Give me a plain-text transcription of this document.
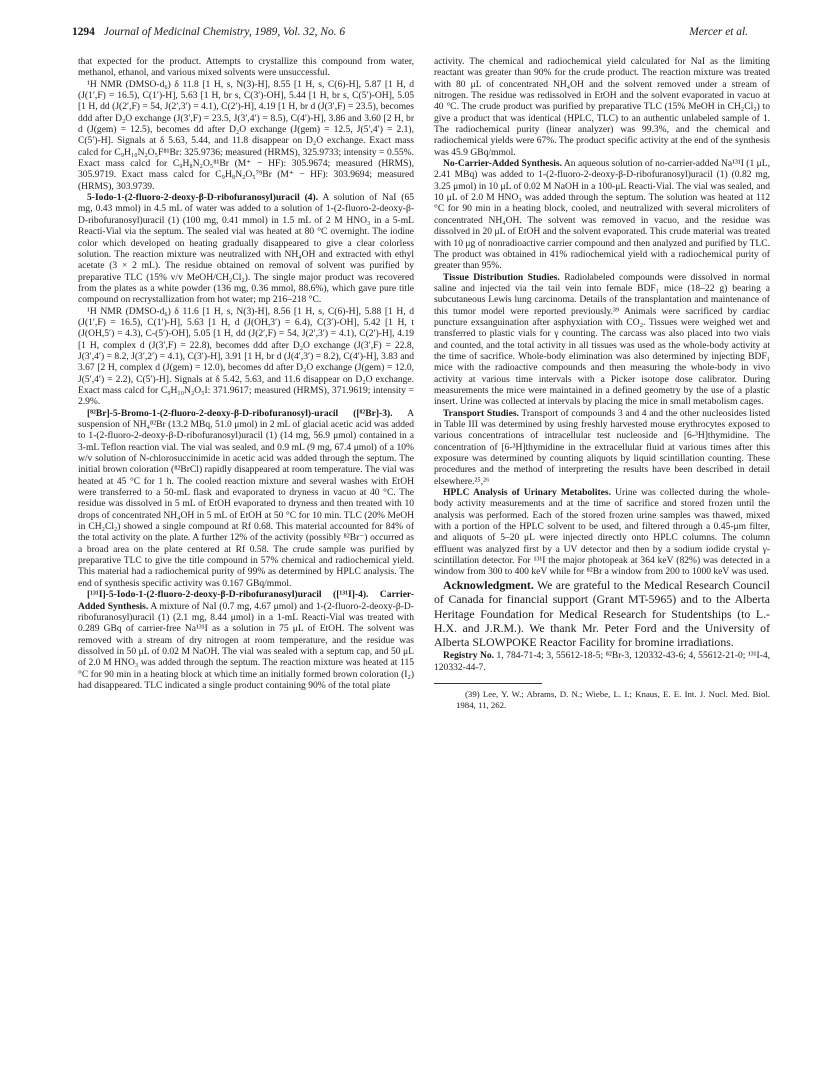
1294 Journal of Medicinal Chemistry, 1989, Vol. 32, No. 6	Mercer et al.

that expected for the product. Attempts to crystallize this compound from water, methanol, ethanol, and various mixed solvents were unsuccessful.

¹H NMR (DMSO-d₆) δ 11.8 [1 H, s, N(3)-H], 8.55 [1 H, s, C(6)-H], 5.87 [1 H, d (J(1′,F) = 16.5), C(1′)-H], 5.63 [1 H, br s, C(3′)-OH], 5.44 [1 H, br s, C(5′)-OH], 5.05 [1 H, dd (J(2′,F) = 54, J(2′,3′) = 4.1), C(2′)-H], 4.19 [1 H, br d (J(3′,F) = 23.5), becomes ddd after D₂O exchange (J(3′,F) = 23.5, J(3′,4′) = 8.5), C(4′)-H], 3.86 and 3.60 [2 H, br d (J(gem) = 12.5), becomes dd after D₂O exchange (J(gem) = 12.5, J(5′,4′) = 2.1), C(5′)-H]. Signals at δ 5.63, 5.44, and 11.8 disappear on D₂O exchange. Exact mass calcd for C₉H₁₀N₂O₅F⁸¹Br: 325.9736; measured (HRMS), 325.9733; intensity = 0.55%. Exact mass calcd for C₉H₈N₂O₅⁸¹Br (M⁺ − HF): 305.9674; measured (HRMS), 305.9719. Exact mass calcd for C₉H₈N₂O₅⁷⁹Br (M⁺ − HF): 303.9694; measured (HRMS), 303.9739.

5-Iodo-1-(2-fluoro-2-deoxy-β-D-ribofuranosyl)uracil (4). A solution of NaI (65 mg, 0.43 mmol) in 4.5 mL of water was added to a solution of 1-(2-fluoro-2-deoxy-β-D-ribofuranosyl)uracil (1) (100 mg, 0.41 mmol) in 1.5 mL of 2 M HNO₃ in a 5-mL Reacti-Vial via the septum. The sealed vial was heated at 80 °C overnight. The iodine color which developed on heating gradually disappeared to give a clear colorless solution. The reaction mixture was neutralized with NH₄OH and extracted with ethyl acetate (3 × 2 mL). The residue obtained on removal of solvent was purified by preparative TLC (15% v/v MeOH/CH₂Cl₂). The single major product was recovered from the plates as a white powder (136 mg, 0.36 mmol, 88.6%), which gave pure title compound on recrystallization from hot water; mp 216–218 °C.

¹H NMR (DMSO-d₆) δ 11.6 [1 H, s, N(3)-H], 8.56 [1 H, s, C(6)-H], 5.88 [1 H, d (J(1′,F) = 16.5), C(1′)-H], 5.63 [1 H, d (J(OH,3′) = 6.4), C(3′)-OH], 5.42 [1 H, t (J(OH,5′) = 4.3), C-(5′)-OH], 5.05 [1 H, dd (J(2′,F) = 54, J(2′,3′) = 4.1), C(2′)-H], 4.19 [1 H, complex d (J(3′,F) = 22.8), becomes ddd after D₂O exchange (J(3′,F) = 22.8, J(3′,4′) = 8.2, J(3′,2′) = 4.1), C(3′)-H], 3.91 [1 H, br d (J(4′,3′) = 8.2), C(4′)-H], 3.83 and 3.67 [2 H, complex d (J(gem) = 12.0), becomes dd after D₂O exchange (J(gem) = 12.0, J(5′,4′) = 2.2), C(5′)-H]. Signals at δ 5.42, 5.63, and 11.6 disappear on D₂O exchange. Exact mass calcd for C₉H₁₀N₂O₅I: 371.9617; measured (HRMS), 371.9619; intensity = 2.9%.

[⁸²Br]-5-Bromo-1-(2-fluoro-2-deoxy-β-D-ribofuranosyl)-uracil ([⁸²Br]-3). A suspension of NH₄⁸²Br (13.2 MBq, 51.0 μmol) in 2 mL of glacial acetic acid was added to 1-(2-fluoro-2-deoxy-β-D-ribofuranosyl)uracil (1) (14 mg, 56.9 μmol) contained in a 3-mL Teflon reaction vial. The vial was sealed, and 0.9 mL (9 mg, 67.4 μmol) of a 10% w/v solution of N-chlorosuccinimide in acetic acid was added through the septum. The initial brown coloration (⁸²BrCl) rapidly disappeared at room temperature. The vial was heated at 45 °C for 1 h. The cooled reaction mixture and several washes with EtOH were transferred to a 50-mL flask and evaporated to dryness in vacuo at 40 °C. The residue was dissolved in 5 mL of EtOH evaporated to dryness and then treated with 10 drops of concentrated NH₄OH in 5 mL of EtOH at 50 °C for 10 min. TLC (20% MeOH in CH₂Cl₂) showed a single compound at Rf 0.68. This material accounted for 84% of the total activity on the plate. A further 12% of the activity (possibly ⁸²Br⁻) occurred as a broad area on the plate centered at Rf 0.58. The crude sample was purified by preparative TLC to give the title compound in 57% chemical and radiochemical yield. This material had a radiochemical purity of 99% as determined by HPLC analysis. The end of synthesis specific activity was 0.167 GBq/mmol.

[¹³¹I]-5-Iodo-1-(2-fluoro-2-deoxy-β-D-ribofuranosyl)uracil ([¹³¹I]-4). Carrier-Added Synthesis. A mixture of NaI (0.7 mg, 4.67 μmol) and 1-(2-fluoro-2-deoxy-β-D-ribofuranosyl)uracil (1) (2.1 mg, 8.44 μmol) in a 1-mL Reacti-Vial was treated with 0.289 GBq of carrier-free Na¹³¹I as a solution in 75 μL of EtOH. The solvent was removed with a stream of dry nitrogen at room temperature, and the residue was dissolved in 50 μL of 0.02 M NaOH. The vial was sealed with a septum cap, and 50 μL of 2.0 M HNO₃ was added through the septum. The reaction mixture was heated at 115 °C for 90 min in a heating block at which time an initially formed brown coloration (I₂) had disappeared. TLC indicated a single product containing 90% of the total plate

activity. The chemical and radiochemical yield calculated for NaI as the limiting reactant was greater than 90% for the crude product. The reaction mixture was treated with 80 μL of concentrated NH₄OH and the solvent removed under a stream of nitrogen. The residue was redissolved in EtOH and the solvent evaporated in vacuo at 40 °C. The crude product was purified by preparative TLC (15% MeOH in CH₂Cl₂) to give a product that was identical (HPLC, TLC) to an authentic unlabeled sample of 1. The radiochemical purity (linear analyzer) was 99.3%, and the chemical and radiochemical yields were 67%. The product specific activity at the end of the synthesis was 45.9 GBq/mmol.

No-Carrier-Added Synthesis. An aqueous solution of no-carrier-added Na¹³¹I (1 μL, 2.41 MBq) was added to 1-(2-fluoro-2-deoxy-β-D-ribofuranosyl)uracil (1) (0.82 mg, 3.25 μmol) in 10 μL of 0.02 M NaOH in a 100-μL Reacti-Vial. The vial was sealed, and 10 μL of 2.0 M HNO₃ was added through the septum. The solution was heated at 112 °C for 90 min in a heating block, cooled, and neutralized with several microliters of concentrated NH₄OH. The solvent was removed in vacuo, and the residue was dissolved in 20 μL of EtOH and the solvent evaporated. This crude material was treated with 10 μg of nonradioactive carrier compound and then analyzed and purified by TLC. The product was obtained in 41% radiochemical yield with a radiochemical purity of greater than 95%.

Tissue Distribution Studies. Radiolabeled compounds were dissolved in normal saline and injected via the tail vein into female BDF₁ mice (18–22 g) bearing a subcutaneous Lewis lung carcinoma. Details of the transplantation and maintenance of this tumor model were reported previously.³⁹ Animals were sacrificed by cardiac puncture exsanguination after asphyxiation with CO₂. Tissues were weighed wet and transferred to plastic vials for γ counting. The carcass was also placed into two vials and counted, and the total activity in all tissues was used as the whole-body activity at the time of sacrifice. Whole-body elimination was also determined by injecting BDF₁ mice with the radioactive compounds and then measuring the whole-body in vivo activity at various time intervals with a Picker isotope dose calibrator. During measurements the mice were maintained in a defined geometry by the use of a plastic insert. Urine was collected at intervals by placing the mice in small metabolism cages.

Transport Studies. Transport of compounds 3 and 4 and the other nucleosides listed in Table III was determined by using freshly harvested mouse erythrocytes exposed to various concentrations of intracellular test nucleoside and [6-³H]thymidine. The concentration of [6-³H]thymidine in the extracellular fluid at various times after this exposure was determined by counting aliquots by liquid scintillation counting. These procedures and the method of interpreting the results have been described in detail elsewhere.²⁵,²⁶

HPLC Analysis of Urinary Metabolites. Urine was collected during the whole-body activity measurements and at the time of sacrifice and stored frozen until the analysis was performed. Each of the stored frozen urine samples was thawed, mixed with a portion of the HPLC solvent to be used, and filtered through a 0.45-μm filter, and aliquots of 5–20 μL were injected directly onto HPLC columns. The column effluent was analyzed first by a UV detector and then by a sodium iodide crystal γ-scintillation detector. For ¹³¹I the major photopeak at 364 keV (82%) was detected in a window from 300 to 400 keV while for ⁸²Br a window from 200 to 1000 keV was used.

Acknowledgment. We are grateful to the Medical Research Council of Canada for financial support (Grant MT-5965) and to the Alberta Heritage Foundation for Medical Research for Studentships (to L.-H.X. and J.R.M.). We thank Mr. Peter Ford and the University of Alberta SLOWPOKE Reactor Facility for bromine irradiations.

Registry No. 1, 784-71-4; 3, 55612-18-5; ⁸²Br-3, 120332-43-6; 4, 55612-21-0; ¹³¹I-4, 120332-44-7.

(39) Lee, Y. W.; Abrams, D. N.; Wiebe, L. I.; Knaus, E. E. Int. J. Nucl. Med. Biol. 1984, 11, 262.
